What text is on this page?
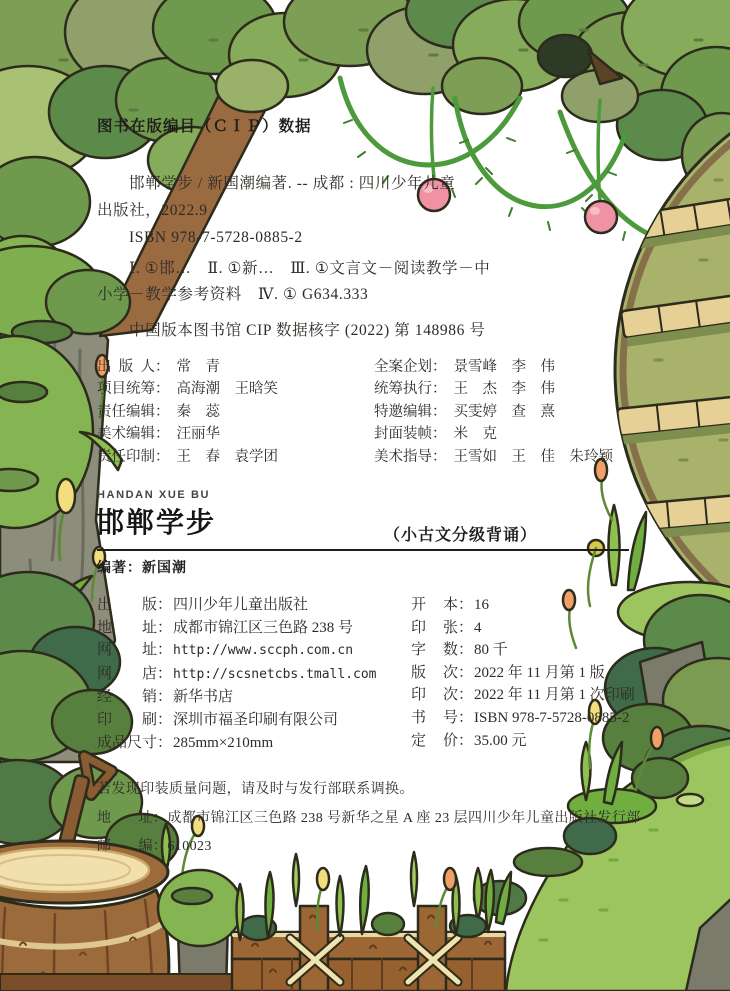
图书在版编目（ＣＩＰ）数据
邯郸学步 / 新国潮编著. -- 成都 : 四川少年儿童
出版社，2022.9
ISBN 978-7-5728-0885-2
Ⅰ. ①邯…　Ⅱ. ①新…　Ⅲ. ①文言文－阅读教学－中
小学－教学参考资料　Ⅳ. ① G634.333
中国版本图书馆 CIP 数据核字 (2022) 第 148986 号
出版人： 常　青
项目统筹： 高海潮　王晗笑
责任编辑： 秦　蕊
美术编辑： 汪丽华
责任印制： 王　春　袁学团
全案企划： 景雪峰　李　伟
统筹执行： 王　杰　李　伟
特邀编辑： 买雯婷　查　熹
封面装帧： 米　克
美术指导： 王雪如　王　佳　朱玲颖
HANDAN XUE BU
邯郸学步	（小古文分级背诵）
编著：新国潮
出版：四川少年儿童出版社
地址：成都市锦江区三色路 238 号
网址：http://www.sccph.com.cn
网店：http://scsnetcbs.tmall.com
经销：新华书店
印刷：深圳市福圣印刷有限公司
成品尺寸：285mm×210mm
开本：16
印张：4
字数：80 千
版次：2022 年 11 月第 1 版
印次：2022 年 11 月第 1 次印刷
书号：ISBN 978-7-5728-0885-2
定价：35.00 元
若发现印装质量问题，请及时与发行部联系调换。
地址：成都市锦江区三色路 238 号新华之星 A 座 23 层四川少年儿童出版社发行部
邮编：610023
